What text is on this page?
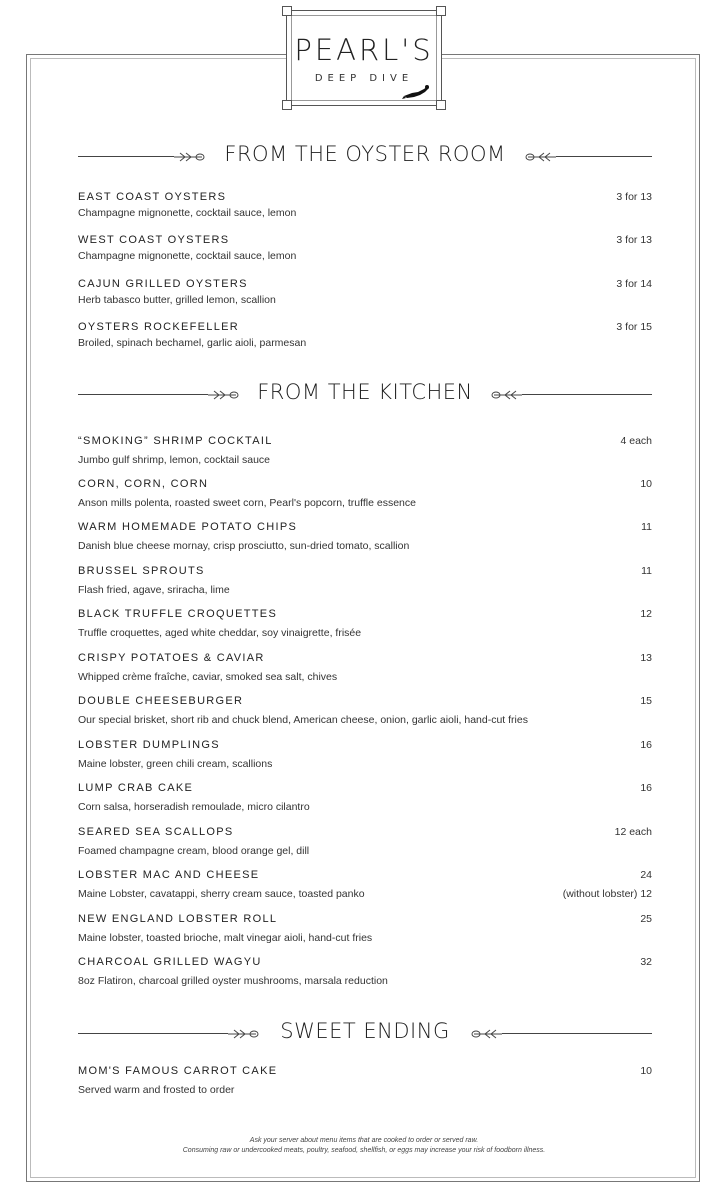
PEARL'S
DEEP DIVE
FROM THE OYSTER ROOM
EAST COAST OYSTERS	3 for 13
Champagne mignonette, cocktail sauce, lemon
WEST COAST OYSTERS	3 for 13
Champagne mignonette, cocktail sauce, lemon
CAJUN GRILLED OYSTERS	3 for 14
Herb tabasco butter, grilled lemon, scallion
OYSTERS ROCKEFELLER	3 for 15
Broiled, spinach bechamel, garlic aioli, parmesan
FROM THE KITCHEN
“SMOKING” SHRIMP COCKTAIL	4 each
Jumbo gulf shrimp, lemon, cocktail sauce
CORN, CORN, CORN	10
Anson mills polenta, roasted sweet corn, Pearl's popcorn, truffle essence
WARM HOMEMADE POTATO CHIPS	11
Danish blue cheese mornay, crisp prosciutto, sun-dried tomato, scallion
BRUSSEL SPROUTS	11
Flash fried, agave, sriracha, lime
BLACK TRUFFLE CROQUETTES	12
Truffle croquettes, aged white cheddar, soy vinaigrette, frisée
CRISPY POTATOES & CAVIAR	13
Whipped crème fraîche, caviar, smoked sea salt, chives
DOUBLE CHEESEBURGER	15
Our special brisket, short rib and chuck blend, American cheese, onion, garlic aioli, hand-cut fries
LOBSTER DUMPLINGS	16
Maine lobster, green chili cream, scallions
LUMP CRAB CAKE	16
Corn salsa, horseradish remoulade, micro cilantro
SEARED SEA SCALLOPS	12 each
Foamed champagne cream, blood orange gel, dill
LOBSTER MAC AND CHEESE	24
Maine Lobster, cavatappi, sherry cream sauce, toasted panko	(without lobster) 12
NEW ENGLAND LOBSTER ROLL	25
Maine lobster, toasted brioche, malt vinegar aioli, hand-cut fries
CHARCOAL GRILLED WAGYU	32
8oz Flatiron, charcoal grilled oyster mushrooms, marsala reduction
SWEET ENDING
MOM'S FAMOUS CARROT CAKE	10
Served warm and frosted to order
Ask your server about menu items that are cooked to order or served raw.
Consuming raw or undercooked meats, poultry, seafood, shellfish, or eggs may increase your risk of foodborn illness.
